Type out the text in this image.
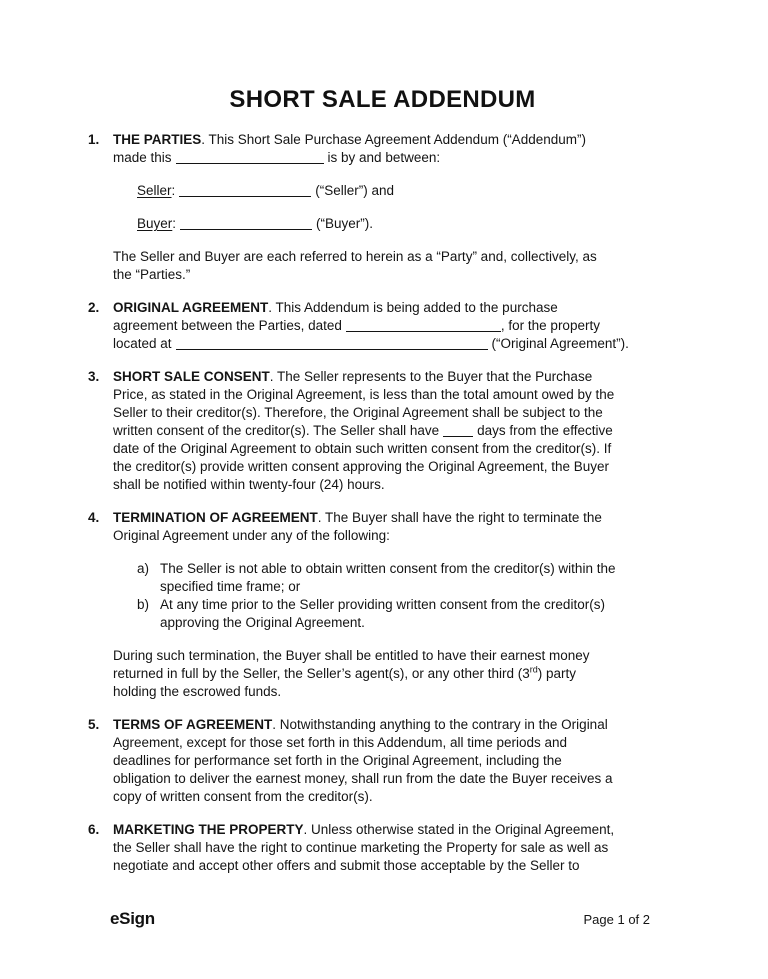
SHORT SALE ADDENDUM
1.	THE PARTIES. This Short Sale Purchase Agreement Addendum (“Addendum”)
made this	is by and between:
Seller:	(“Seller”) and
Buyer:	(“Buyer”).
The Seller and Buyer are each referred to herein as a “Party” and, collectively, as
the “Parties.”
2.	ORIGINAL AGREEMENT. This Addendum is being added to the purchase
agreement between the Parties, dated	, for the property
located at	(“Original Agreement”).
3.	SHORT SALE CONSENT. The Seller represents to the Buyer that the Purchase
Price, as stated in the Original Agreement, is less than the total amount owed by the
Seller to their creditor(s). Therefore, the Original Agreement shall be subject to the
written consent of the creditor(s). The Seller shall have	days from the effective
date of the Original Agreement to obtain such written consent from the creditor(s). If
the creditor(s) provide written consent approving the Original Agreement, the Buyer
shall be notified within twenty-four (24) hours.
4.	TERMINATION OF AGREEMENT. The Buyer shall have the right to terminate the
Original Agreement under any of the following:
a) The Seller is not able to obtain written consent from the creditor(s) within the
specified time frame; or
b) At any time prior to the Seller providing written consent from the creditor(s)
approving the Original Agreement.
During such termination, the Buyer shall be entitled to have their earnest money
returned in full by the Seller, the Seller’s agent(s), or any other third (3rd) party
holding the escrowed funds.
5.	TERMS OF AGREEMENT. Notwithstanding anything to the contrary in the Original
Agreement, except for those set forth in this Addendum, all time periods and
deadlines for performance set forth in the Original Agreement, including the
obligation to deliver the earnest money, shall run from the date the Buyer receives a
copy of written consent from the creditor(s).
6.	MARKETING THE PROPERTY. Unless otherwise stated in the Original Agreement,
the Seller shall have the right to continue marketing the Property for sale as well as
negotiate and accept other offers and submit those acceptable by the Seller to
eSign	Page 1 of 2
